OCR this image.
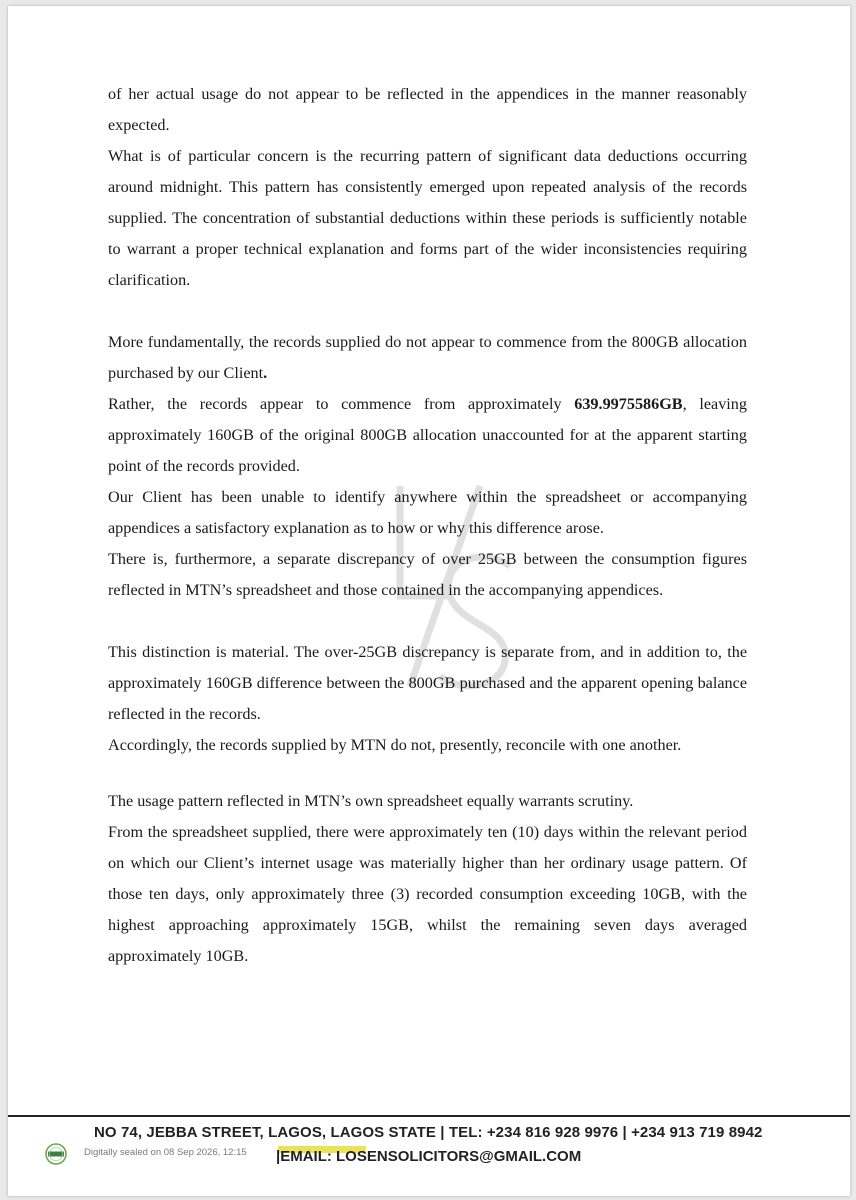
of her actual usage do not appear to be reflected in the appendices in the manner reasonably expected.

What is of particular concern is the recurring pattern of significant data deductions occurring around midnight. This pattern has consistently emerged upon repeated analysis of the records supplied. The concentration of substantial deductions within these periods is sufficiently notable to warrant a proper technical explanation and forms part of the wider inconsistencies requiring clarification.

More fundamentally, the records supplied do not appear to commence from the 800GB allocation purchased by our Client.

Rather, the records appear to commence from approximately 639.9975586GB, leaving approximately 160GB of the original 800GB allocation unaccounted for at the apparent starting point of the records provided.

Our Client has been unable to identify anywhere within the spreadsheet or accompanying appendices a satisfactory explanation as to how or why this difference arose.

There is, furthermore, a separate discrepancy of over 25GB between the consumption figures reflected in MTN’s spreadsheet and those contained in the accompanying appendices.

This distinction is material. The over-25GB discrepancy is separate from, and in addition to, the approximately 160GB difference between the 800GB purchased and the apparent opening balance reflected in the records.

Accordingly, the records supplied by MTN do not, presently, reconcile with one another.

The usage pattern reflected in MTN’s own spreadsheet equally warrants scrutiny.

From the spreadsheet supplied, there were approximately ten (10) days within the relevant period on which our Client’s internet usage was materially higher than her ordinary usage pattern. Of those ten days, only approximately three (3) recorded consumption exceeding 10GB, with the highest approaching approximately 15GB, whilst the remaining seven days averaged approximately 10GB.

NO 74, JEBBA STREET, LAGOS, LAGOS STATE | TEL: +234 816 928 9976 | +234 913 719 8942
Digitally sealed on 08 Sep 2026, 12:15 |EMAIL: LOSENSOLICITORS@GMAIL.COM
